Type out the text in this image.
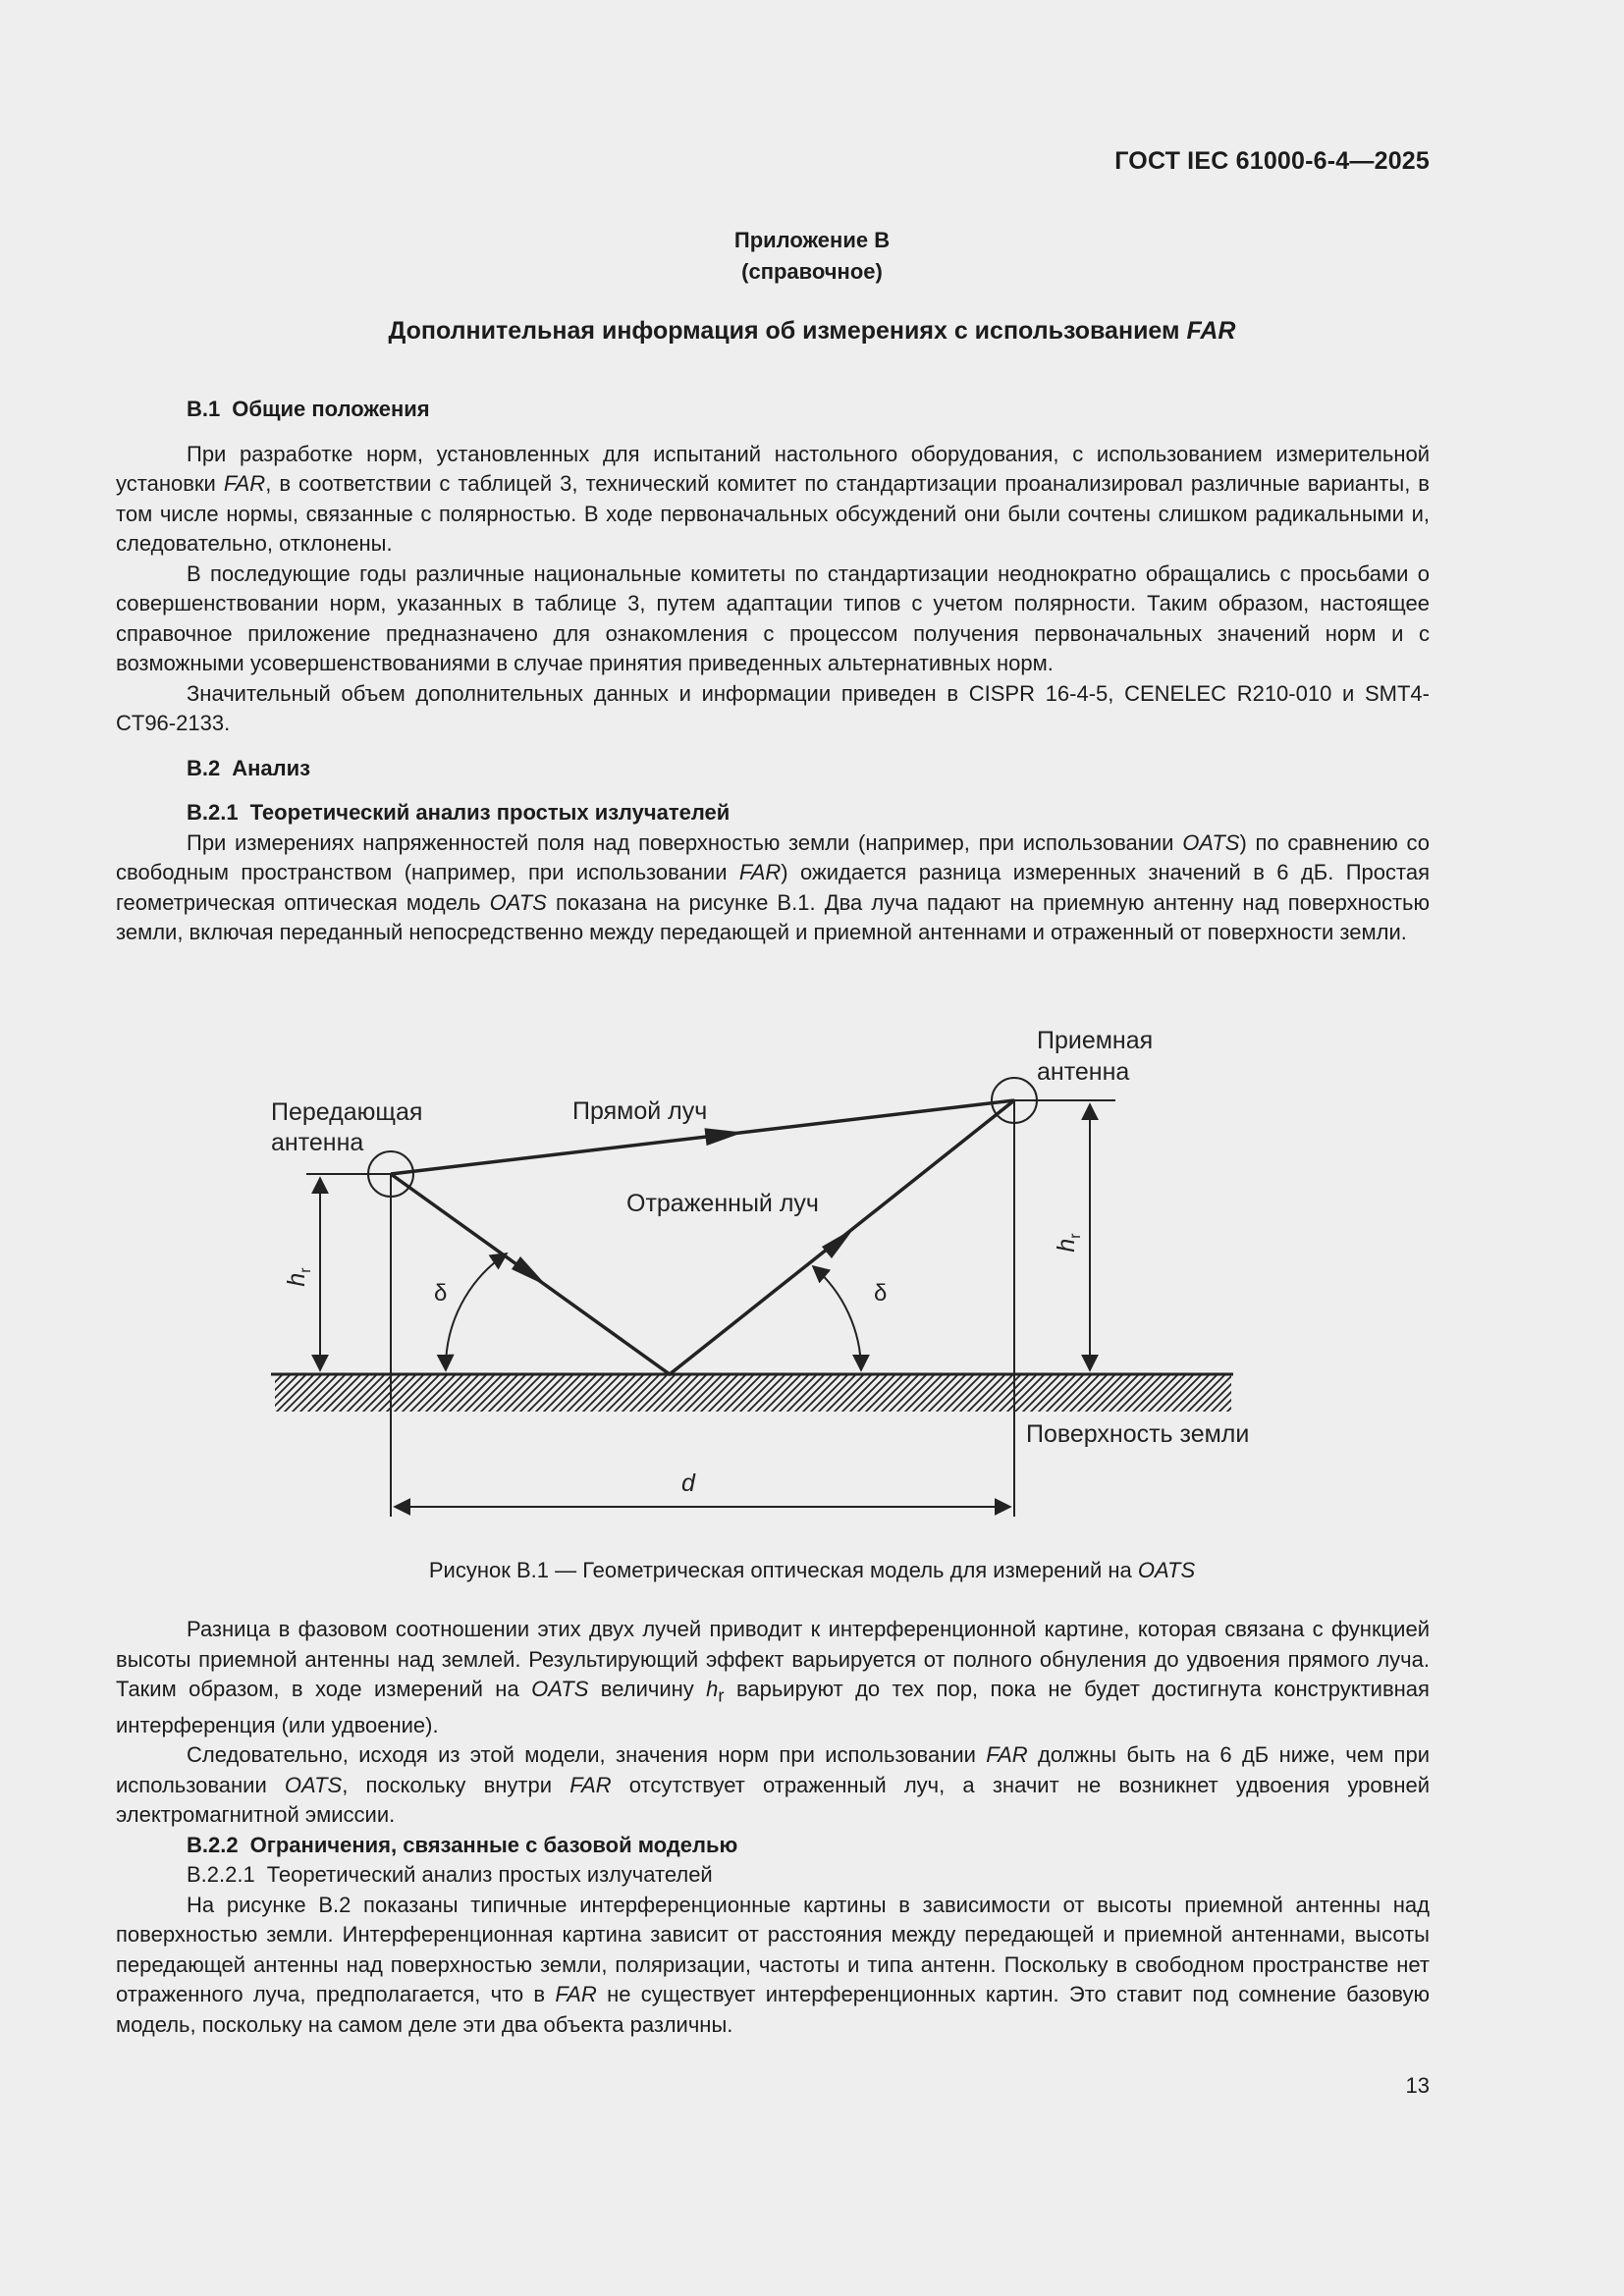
ГОСТ IEC 61000-6-4—2025
Приложение В
(справочное)
Дополнительная информация об измерениях с использованием FAR
В.1 Общие положения

При разработке норм, установленных для испытаний настольного оборудования, с использованием измерительной установки FAR, в соответствии с таблицей 3, технический комитет по стандартизации проанализировал различные варианты, в том числе нормы, связанные с полярностью. В ходе первоначальных обсуждений они были сочтены слишком радикальными и, следовательно, отклонены.

В последующие годы различные национальные комитеты по стандартизации неоднократно обращались с просьбами о совершенствовании норм, указанных в таблице 3, путем адаптации типов с учетом полярности. Таким образом, настоящее справочное приложение предназначено для ознакомления с процессом получения первоначальных значений норм и с возможными усовершенствованиями в случае принятия приведенных альтернативных норм.

Значительный объем дополнительных данных и информации приведен в CISPR 16-4-5, CENELEC R210-010 и SMT4-CT96-2133.

В.2 Анализ
В.2.1 Теоретический анализ простых излучателей

При измерениях напряженностей поля над поверхностью земли (например, при использовании OATS) по сравнению со свободным пространством (например, при использовании FAR) ожидается разница измеренных значений в 6 дБ. Простая геометрическая оптическая модель OATS показана на рисунке В.1. Два луча падают на приемную антенну над поверхностью земли, включая переданный непосредственно между передающей и приемной антеннами и отраженный от поверхности земли.

Передающая
антенна
Приемная
антенна
Прямой луч
Отраженный луч
δ	δ
Поверхность земли
d
$h_r$
$h_r$
Рисунок В.1 — Геометрическая оптическая модель для измерений на OATS

Разница в фазовом соотношении этих двух лучей приводит к интерференционной картине, которая связана с функцией высоты приемной антенны над землей. Результирующий эффект варьируется от полного обнуления до удвоения прямого луча. Таким образом, в ходе измерений на OATS величину $h_r$ варьируют до тех пор, пока не будет достигнута конструктивная интерференция (или удвоение).

Следовательно, исходя из этой модели, значения норм при использовании FAR должны быть на 6 дБ ниже, чем при использовании OATS, поскольку внутри FAR отсутствует отраженный луч, а значит не возникнет удвоения уровней электромагнитной эмиссии.

В.2.2 Ограничения, связанные с базовой моделью
В.2.2.1 Теоретический анализ простых излучателей

На рисунке В.2 показаны типичные интерференционные картины в зависимости от высоты приемной антенны над поверхностью земли. Интерференционная картина зависит от расстояния между передающей и приемной антеннами, высоты передающей антенны над поверхностью земли, поляризации, частоты и типа антенн. Поскольку в свободном пространстве нет отраженного луча, предполагается, что в FAR не существует интерференционных картин. Это ставит под сомнение базовую модель, поскольку на самом деле эти два объекта различны.

13
